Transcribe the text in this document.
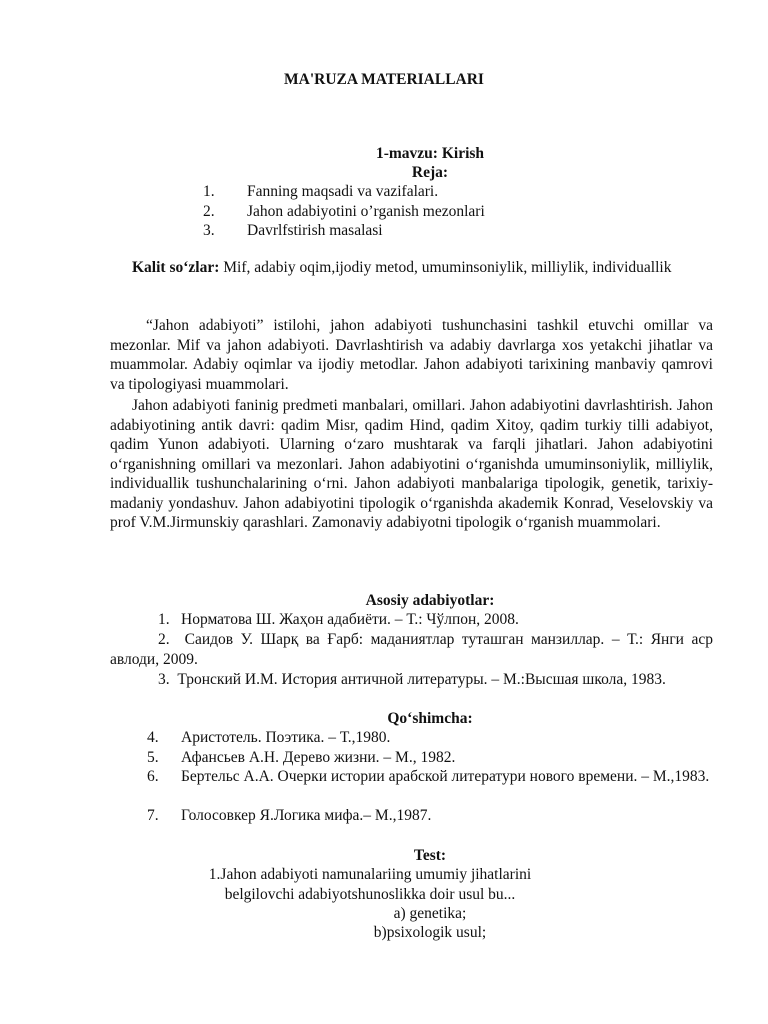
MA'RUZA MATERIALLARI
1-mavzu: Kirish
Reja:
1. Fanning maqsadi va vazifalari.
2. Jahon adabiyotini o’rganish mezonlari
3. Davrlfstirish masalasi
Kalit so‘zlar: Mif, adabiy oqim,ijodiy metod, umuminsoniylik, milliylik, individuallik
“Jahon adabiyoti” istilohi, jahon adabiyoti tushunchasini tashkil etuvchi omillar va mezonlar. Mif va jahon adabiyoti. Davrlashtirish va adabiy davrlarga xos yetakchi jihatlar va muammolar. Adabiy oqimlar va ijodiy metodlar. Jahon adabiyoti tarixining manbaviy qamrovi va tipologiyasi muammolari.
Jahon adabiyoti faninig predmeti manbalari, omillari. Jahon adabiyotini davrlashtirish. Jahon adabiyotining antik davri: qadim Misr, qadim Hind, qadim Xitoy, qadim turkiy tilli adabiyot, qadim Yunon adabiyoti. Ularning o‘zaro mushtarak va farqli jihatlari. Jahon adabiyotini o‘rganishning omillari va mezonlari. Jahon adabiyotini o‘rganishda umuminsoniylik, milliylik, individuallik tushunchalarining o‘rni. Jahon adabiyoti manbalariga tipologik, genetik, tarixiy-madaniy yondashuv. Jahon adabiyotini tipologik o‘rganishda akademik Konrad, Veselovskiy va prof V.M.Jirmunskiy qarashlari. Zamonaviy adabiyotni tipologik o‘rganish muammolari.
Asosiy adabiyotlar:
1. Норматова Ш. Жаҳон адабиёти. – Т.: Чўлпон, 2008.
2. Саидов У. Шарқ ва Ғарб: маданиятлар туташган манзиллар. – Т.: Янги аср авлоди, 2009.
3. Тронский И.М. История античной литературы. – М.:Высшая школа, 1983.
Qo‘shimcha:
4. Аристотель. Поэтика. – Т.,1980.
5. Афансьев А.Н. Дерево жизни. – М., 1982.
6. Бертельс А.А. Очерки истории арабской литератури нового времени. – М.,1983.
7. Голосовкер Я.Логика мифа.– М.,1987.
Test:
1.Jahon adabiyoti namunalariing umumiy jihatlarini belgilovchi adabiyotshunoslikka doir usul bu...
a) genetika;
b)psixologik usul;
